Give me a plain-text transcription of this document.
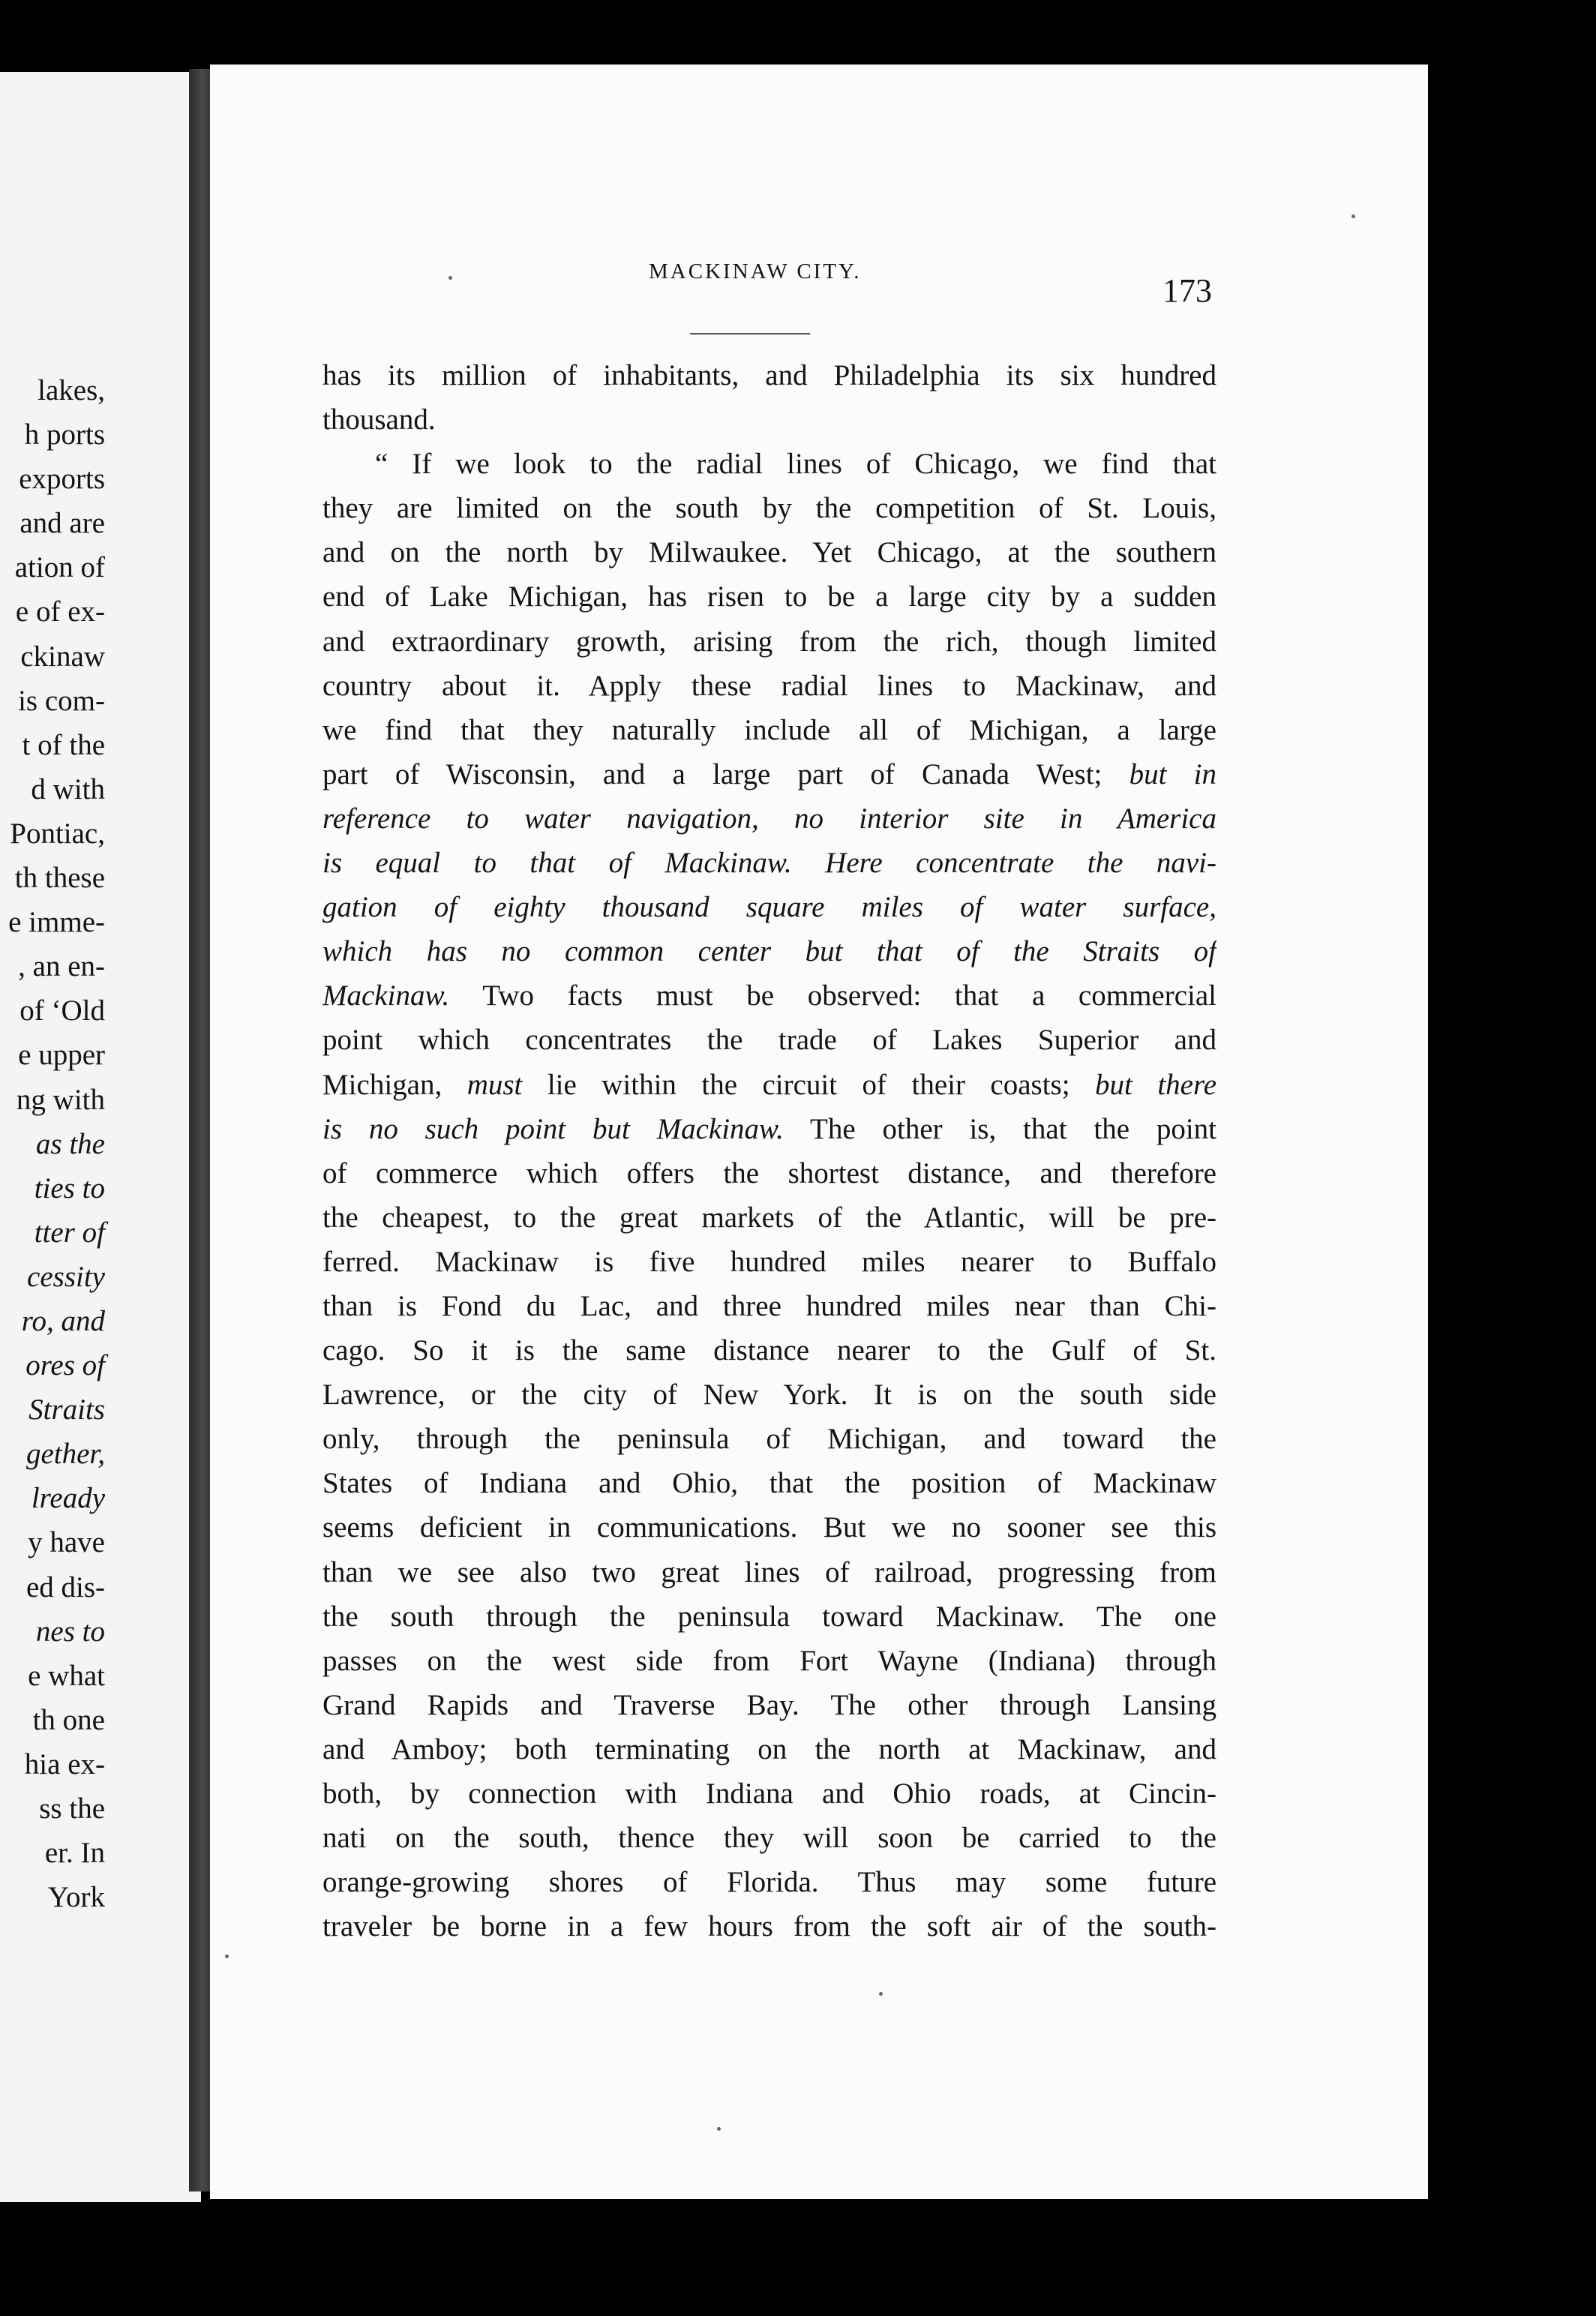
lakes,
h ports
exports
and are
ation of
e of ex-
ckinaw
is com-
t of the
d with
Pontiac,
th these
e imme-
, an en-
of ‘Old
e upper
ng with
as the
ties to
tter of
cessity
ro, and
ores of
Straits
gether,
lready
y have
ed dis-
nes to
e what
th one
hia ex-
ss the
er. In
York
MACKINAW CITY.
173
has its million of inhabitants, and Philadelphia its six hundred
thousand.
“ If we look to the radial lines of Chicago, we find that
they are limited on the south by the competition of St. Louis,
and on the north by Milwaukee. Yet Chicago, at the southern
end of Lake Michigan, has risen to be a large city by a sudden
and extraordinary growth, arising from the rich, though limited
country about it. Apply these radial lines to Mackinaw, and
we find that they naturally include all of Michigan, a large
part of Wisconsin, and a large part of Canada West; but in
reference to water navigation, no interior site in America
is equal to that of Mackinaw. Here concentrate the navi-
gation of eighty thousand square miles of water surface,
which has no common center but that of the Straits of
Mackinaw. Two facts must be observed: that a commercial
point which concentrates the trade of Lakes Superior and
Michigan, must lie within the circuit of their coasts; but there
is no such point but Mackinaw. The other is, that the point
of commerce which offers the shortest distance, and therefore
the cheapest, to the great markets of the Atlantic, will be pre-
ferred. Mackinaw is five hundred miles nearer to Buffalo
than is Fond du Lac, and three hundred miles near than Chi-
cago. So it is the same distance nearer to the Gulf of St.
Lawrence, or the city of New York. It is on the south side
only, through the peninsula of Michigan, and toward the
States of Indiana and Ohio, that the position of Mackinaw
seems deficient in communications. But we no sooner see this
than we see also two great lines of railroad, progressing from
the south through the peninsula toward Mackinaw. The one
passes on the west side from Fort Wayne (Indiana) through
Grand Rapids and Traverse Bay. The other through Lansing
and Amboy; both terminating on the north at Mackinaw, and
both, by connection with Indiana and Ohio roads, at Cincin-
nati on the south, thence they will soon be carried to the
orange-growing shores of Florida. Thus may some future
traveler be borne in a few hours from the soft air of the south-
